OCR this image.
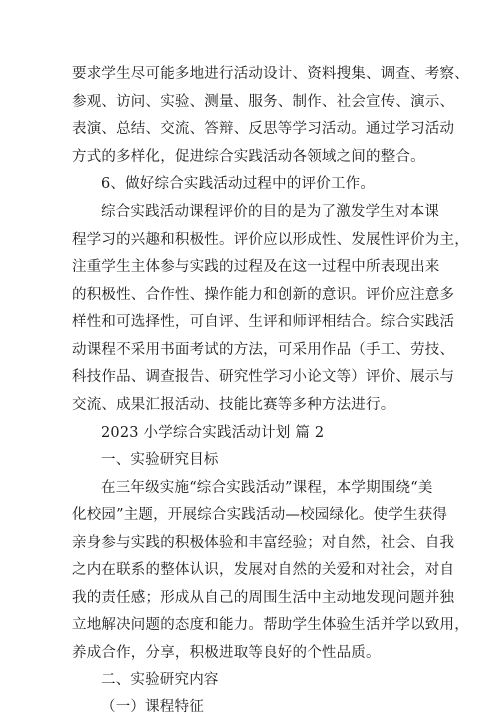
要求学生尽可能多地进行活动设计、资料搜集、调查、考察、
参观、访问、实验、测量、服务、制作、社会宣传、演示、
表演、总结、交流、答辩、反思等学习活动。通过学习活动
方式的多样化，促进综合实践活动各领域之间的整合。
6、做好综合实践活动过程中的评价工作。
综合实践活动课程评价的目的是为了激发学生对本课
程学习的兴趣和积极性。评价应以形成性、发展性评价为主，
注重学生主体参与实践的过程及在这一过程中所表现出来
的积极性、合作性、操作能力和创新的意识。评价应注意多
样性和可选择性，可自评、生评和师评相结合。综合实践活
动课程不采用书面考试的方法，可采用作品（手工、劳技、
科技作品、调查报告、研究性学习小论文等）评价、展示与
交流、成果汇报活动、技能比赛等多种方法进行。
2023 小学综合实践活动计划 篇 2
一、实验研究目标
在三年级实施“综合实践活动”课程，本学期围绕“美
化校园”主题，开展综合实践活动—校园绿化。使学生获得
亲身参与实践的积极体验和丰富经验；对自然，社会、自我
之内在联系的整体认识，发展对自然的关爱和对社会，对自
我的责任感；形成从自己的周围生活中主动地发现问题并独
立地解决问题的态度和能力。帮助学生体验生活并学以致用，
养成合作，分享，积极进取等良好的个性品质。
二、实验研究内容
（一）课程特征
